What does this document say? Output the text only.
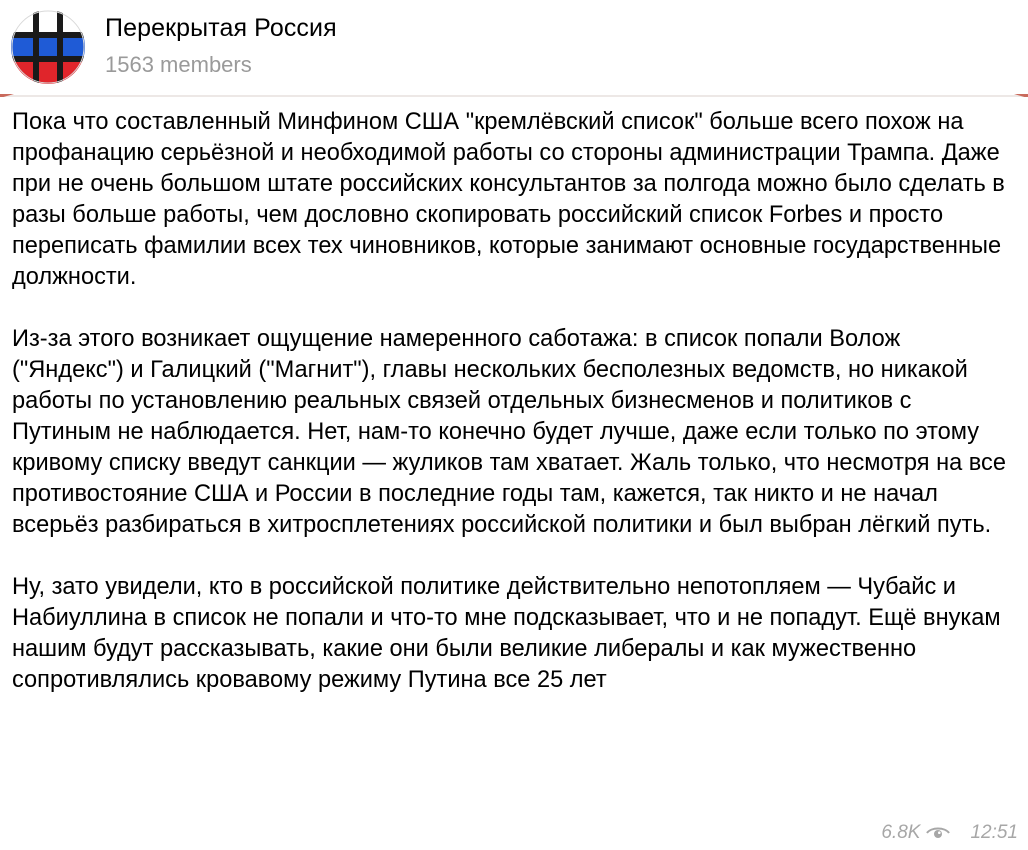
Перекрытая Россия
1563 members

Пока что составленный Минфином США "кремлёвский список" больше всего похож на профанацию серьёзной и необходимой работы со стороны администрации Трампа. Даже при не очень большом штате российских консультантов за полгода можно было сделать в разы больше работы, чем дословно скопировать российский список Forbes и просто переписать фамилии всех тех чиновников, которые занимают основные государственные должности.

Из-за этого возникает ощущение намеренного саботажа: в список попали Волож ("Яндекс") и Галицкий ("Магнит"), главы нескольких бесполезных ведомств, но никакой работы по установлению реальных связей отдельных бизнесменов и политиков с Путиным не наблюдается. Нет, нам-то конечно будет лучше, даже если только по этому кривому списку введут санкции — жуликов там хватает. Жаль только, что несмотря на все противостояние США и России в последние годы там, кажется, так никто и не начал всерьёз разбираться в хитросплетениях российской политики и был выбран лёгкий путь.

Ну, зато увидели, кто в российской политике действительно непотопляем — Чубайс и Набиуллина в список не попали и что-то мне подсказывает, что и не попадут. Ещё внукам нашим будут рассказывать, какие они были великие либералы и как мужественно сопротивлялись кровавому режиму Путина все 25 лет

6.8K	12:51
